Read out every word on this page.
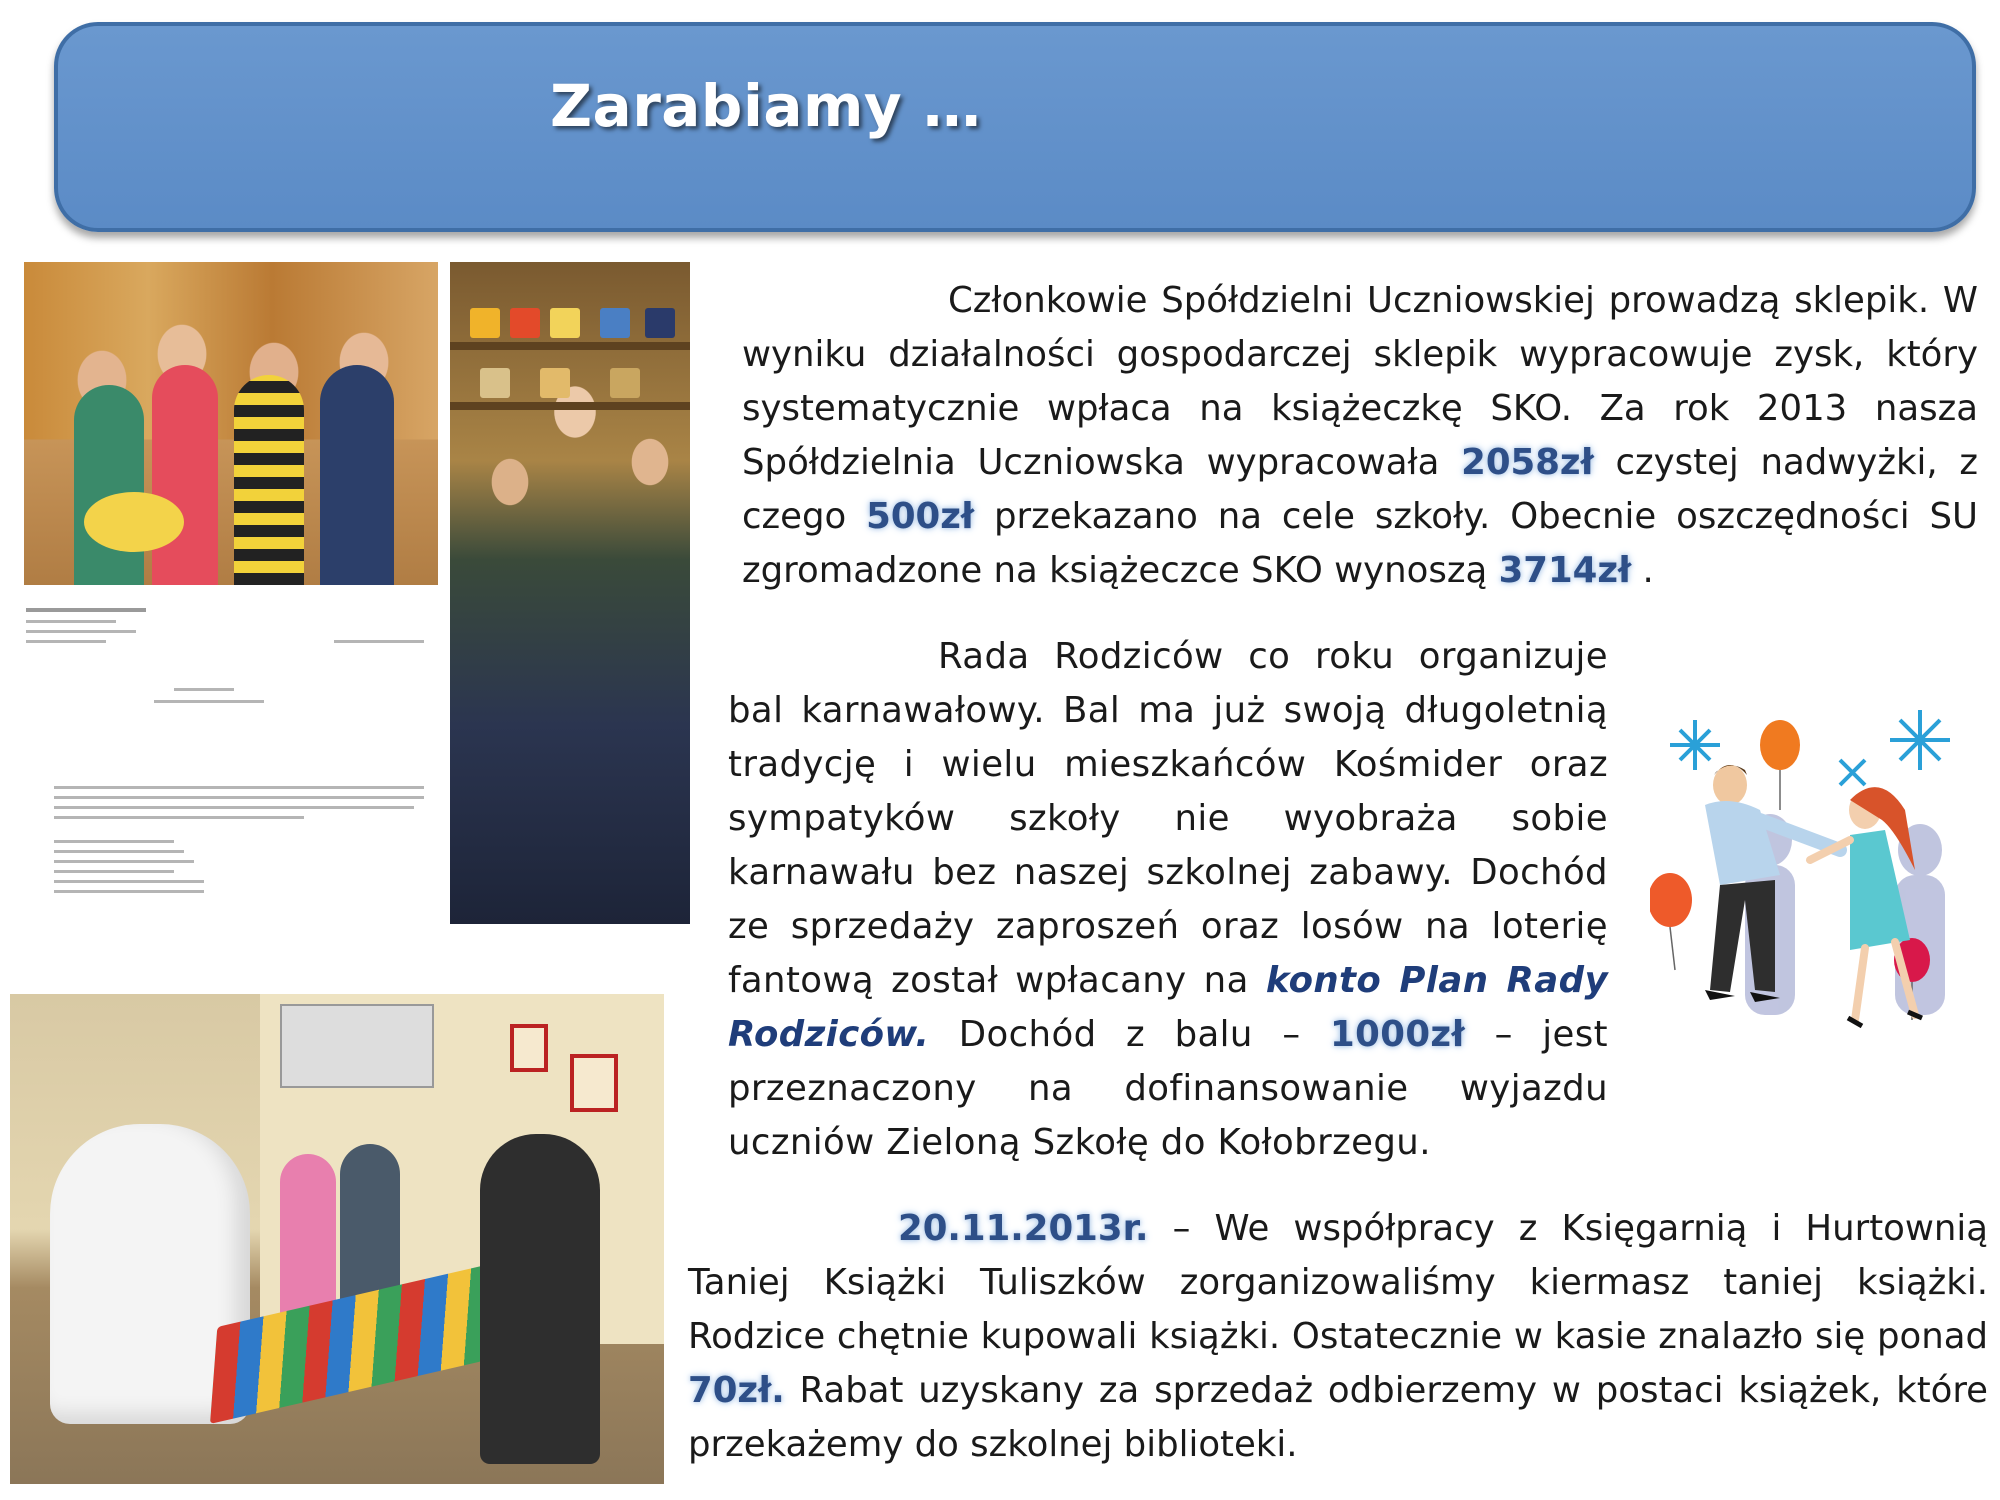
Zarabiamy …

Członkowie Spółdzielni Uczniowskiej prowadzą sklepik. W wyniku działalności gospodarczej sklepik wypracowuje zysk, który systematycznie wpłaca na książeczkę SKO. Za rok 2013 nasza Spółdzielnia Uczniowska wypracowała 2058zł czystej nadwyżki, z czego 500zł przekazano na cele szkoły. Obecnie oszczędności SU zgromadzone na książeczce SKO wynoszą 3714zł .

Rada Rodziców co roku organizuje bal karnawałowy. Bal ma już swoją długoletnią tradycję i wielu mieszkańców Kośmider oraz sympatyków szkoły nie wyobraża sobie karnawału bez naszej szkolnej zabawy. Dochód ze sprzedaży zaproszeń oraz losów na loterię fantową został wpłacany na konto Plan Rady Rodziców. Dochód z balu – 1000zł – jest przeznaczony na dofinansowanie wyjazdu uczniów Zieloną Szkołę do Kołobrzegu.

20.11.2013r. – We współpracy z Księgarnią i Hurtownią Taniej Książki Tuliszków zorganizowaliśmy kiermasz taniej książki. Rodzice chętnie kupowali książki. Ostatecznie w kasie znalazło się ponad 70zł. Rabat uzyskany za sprzedaż odbierzemy w postaci książek, które przekażemy do szkolnej biblioteki.
